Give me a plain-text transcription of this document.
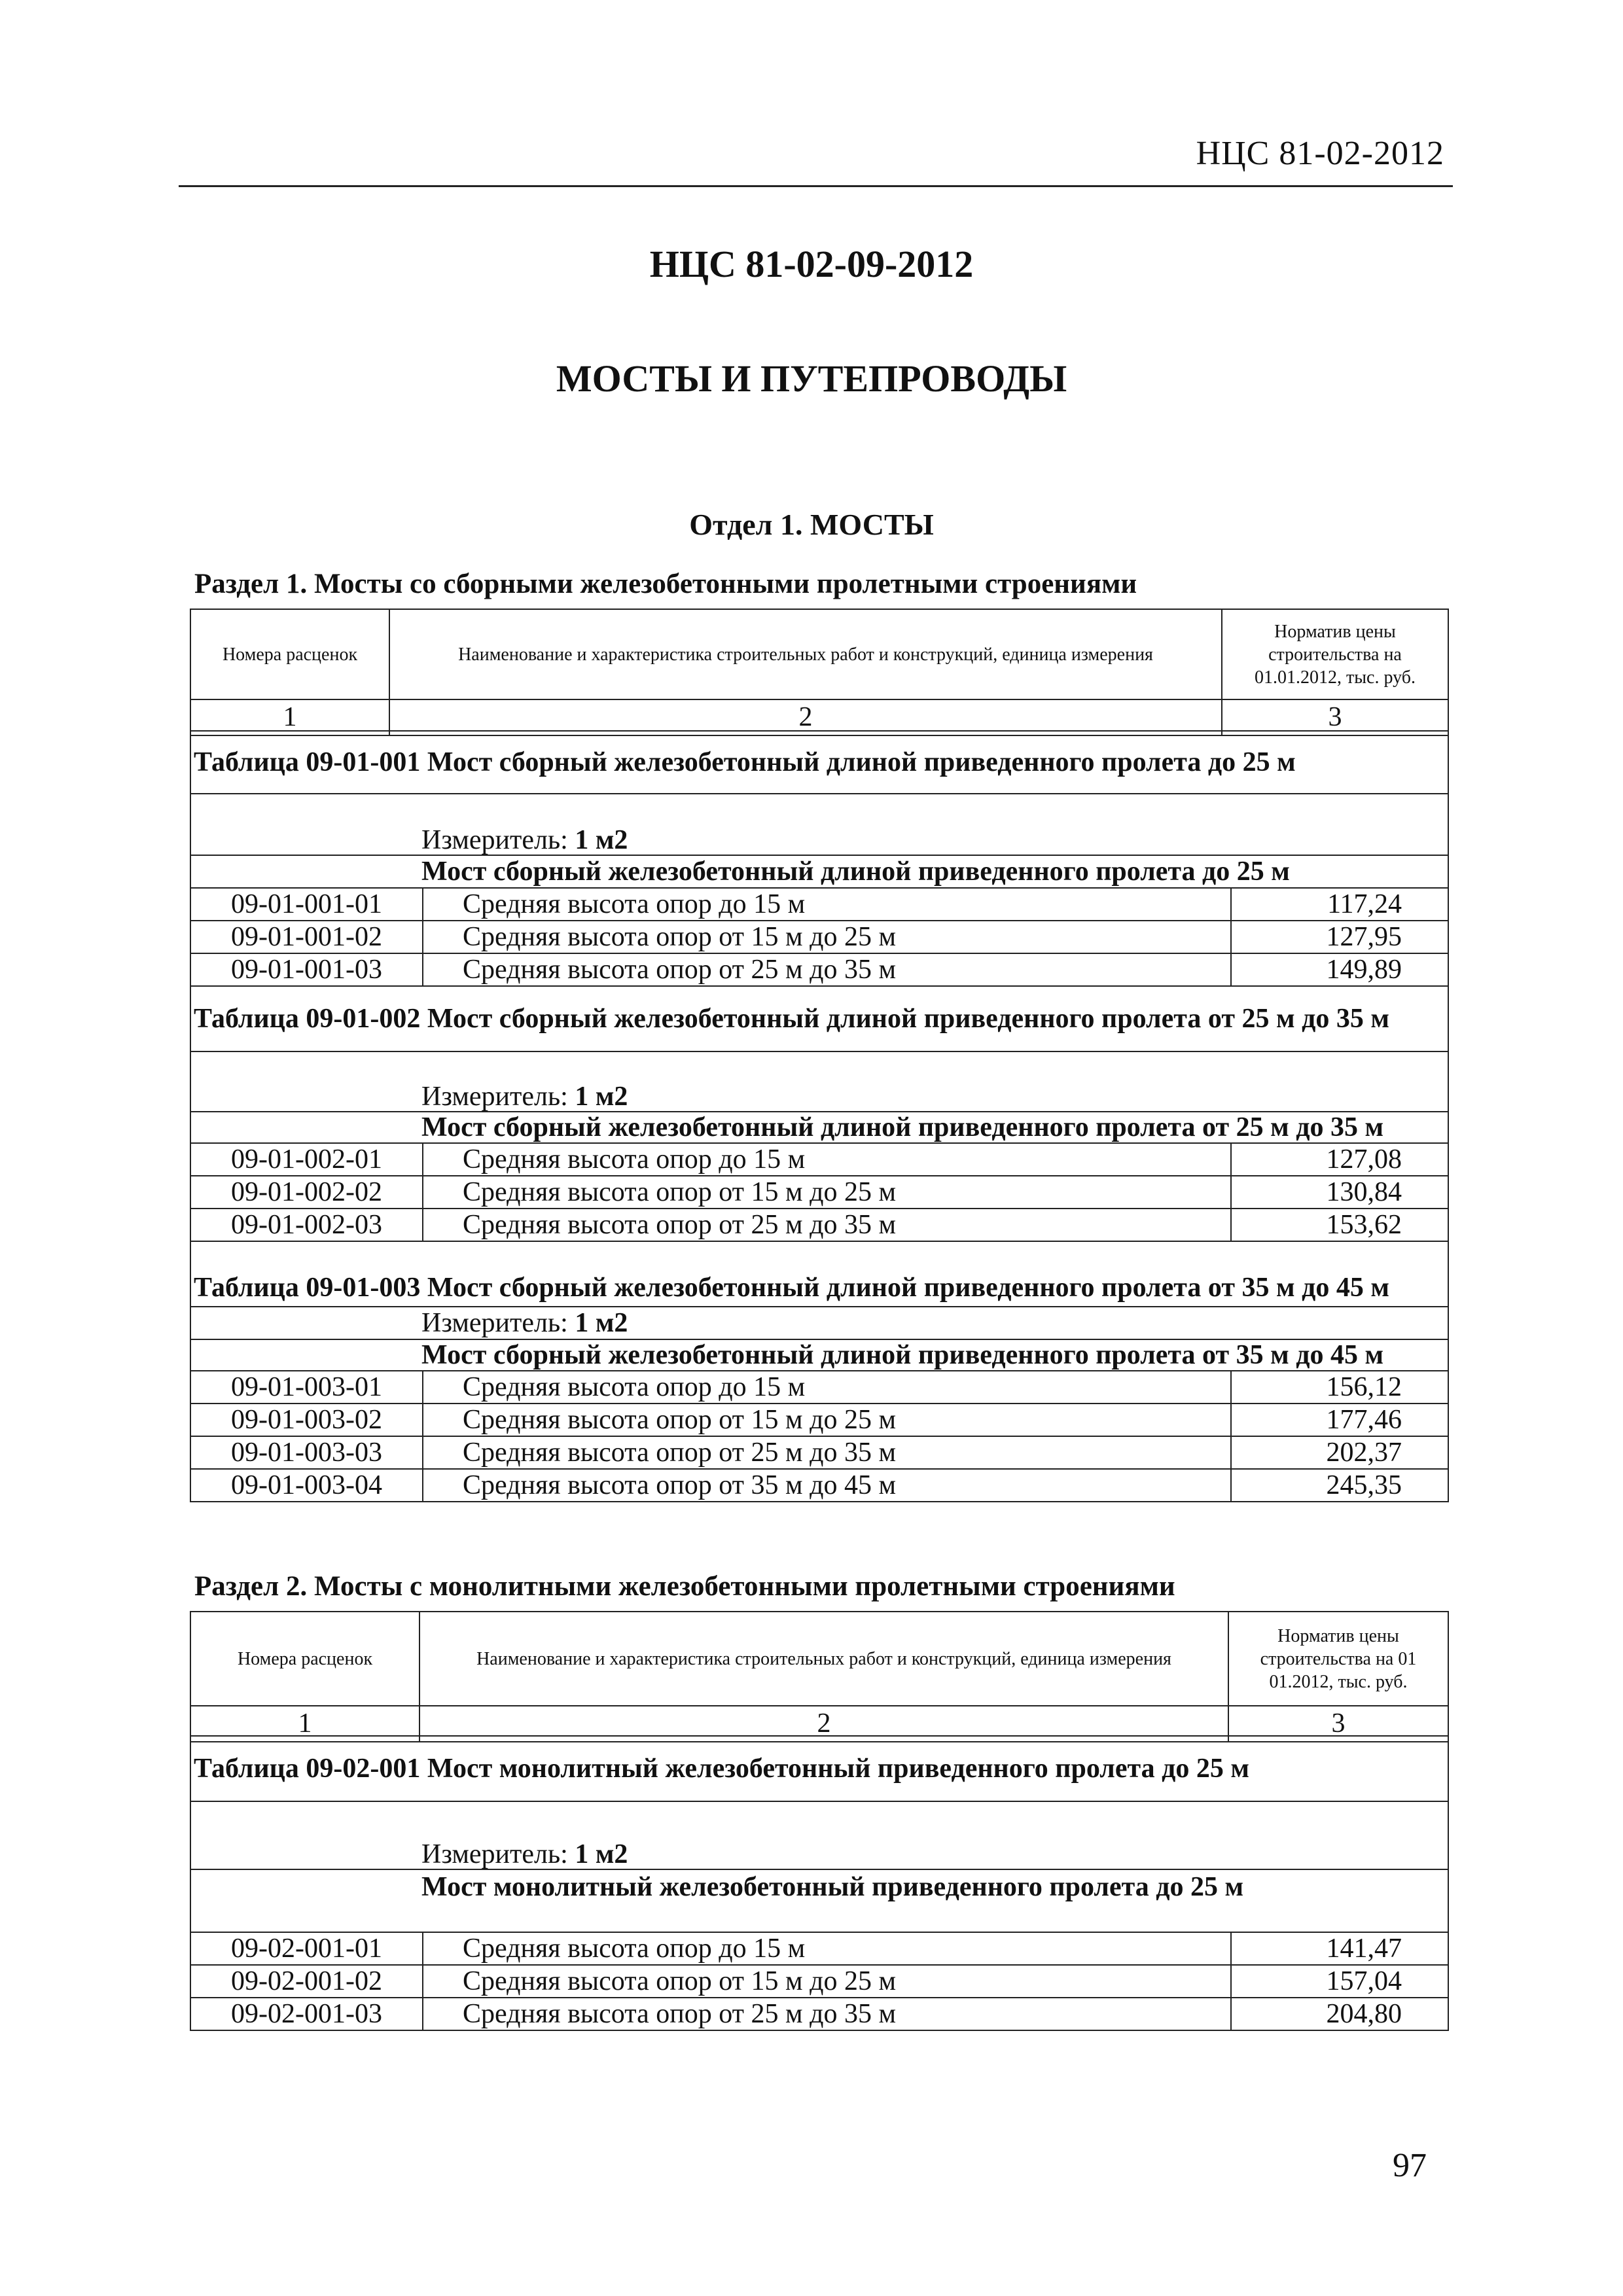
НЦС 81-02-2012
НЦС 81-02-09-2012
МОСТЫ И ПУТЕПРОВОДЫ
Отдел 1. МОСТЫ
Раздел 1. Мосты со сборными железобетонными пролетными строениями
Номера расценок	Наименование и характеристика строительных работ и конструкций, единица измерения	Норматив цены строительства на 01.01.2012, тыс. руб.
1	2	3
Таблица 09-01-001 Мост сборный железобетонный длиной приведенного пролета до 25 м		
Измеритель: 1 м2		
Мост сборный железобетонный длиной приведенного пролета до 25 м		
09-01-001-01	Средняя высота опор до 15 м	117,24
09-01-001-02	Средняя высота опор от 15 м до 25 м	127,95
09-01-001-03	Средняя высота опор от 25 м до 35 м	149,89
Таблица 09-01-002 Мост сборный железобетонный длиной приведенного пролета от 25 м до 35 м		
Измеритель: 1 м2		
Мост сборный железобетонный длиной приведенного пролета от 25 м до 35 м		
09-01-002-01	Средняя высота опор до 15 м	127,08
09-01-002-02	Средняя высота опор от 15 м до 25 м	130,84
09-01-002-03	Средняя высота опор от 25 м до 35 м	153,62
Таблица 09-01-003 Мост сборный железобетонный длиной приведенного пролета от 35 м до 45 м		
Измеритель: 1 м2		
Мост сборный железобетонный длиной приведенного пролета от 35 м до 45 м		
09-01-003-01	Средняя высота опор до 15 м	156,12
09-01-003-02	Средняя высота опор от 15 м до 25 м	177,46
09-01-003-03	Средняя высота опор от 25 м до 35 м	202,37
09-01-003-04	Средняя высота опор от 35 м до 45 м	245,35
Раздел 2. Мосты с монолитными железобетонными пролетными строениями
Номера расценок	Наименование и характеристика строительных работ и конструкций, единица измерения	Норматив цены строительства на 01 01.2012, тыс. руб.
1	2	3
Таблица 09-02-001 Мост монолитный железобетонный приведенного пролета до 25 м		
Измеритель: 1 м2		
Мост монолитный железобетонный приведенного пролета до 25 м		
09-02-001-01	Средняя высота опор до 15 м	141,47
09-02-001-02	Средняя высота опор от 15 м до 25 м	157,04
09-02-001-03	Средняя высота опор от 25 м до 35 м	204,80
97
